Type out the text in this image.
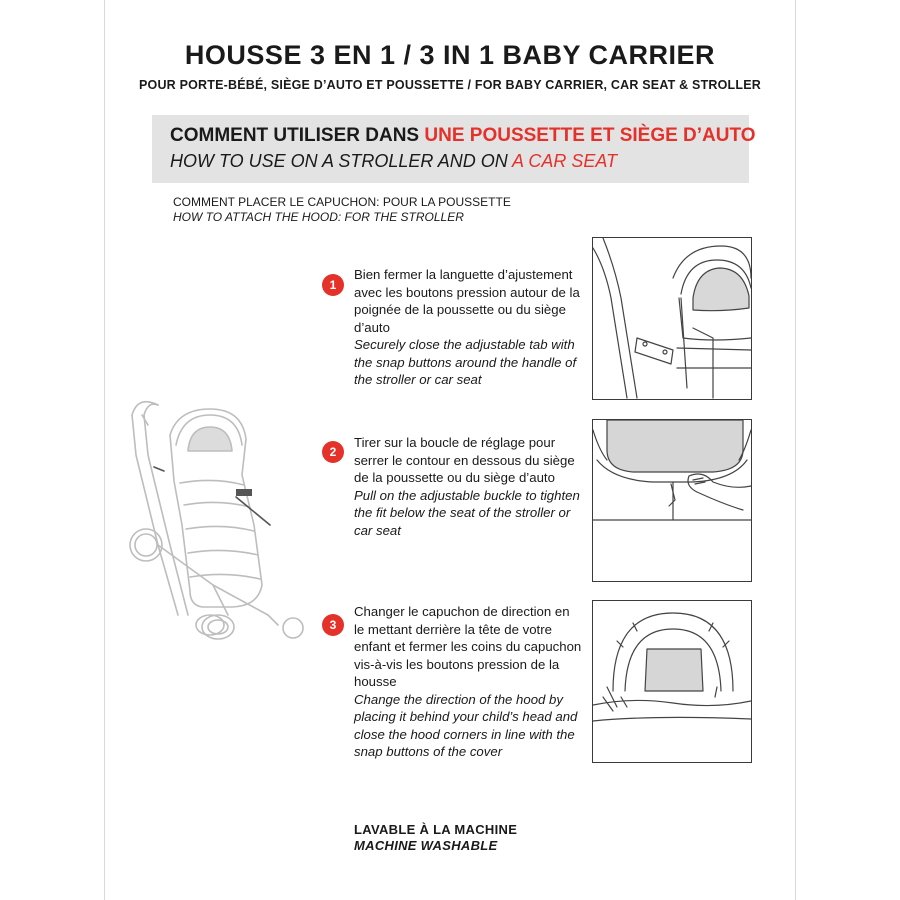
HOUSSE 3 EN 1 / 3 IN 1 BABY CARRIER
POUR PORTE-BÉBÉ, SIÈGE D’AUTO ET POUSSETTE / FOR BABY CARRIER, CAR SEAT & STROLLER
COMMENT UTILISER DANS UNE POUSSETTE ET SIÈGE D’AUTO
HOW TO USE ON A STROLLER AND ON A CAR SEAT
COMMENT PLACER LE CAPUCHON: POUR LA POUSSETTE
HOW TO ATTACH THE HOOD: FOR THE STROLLER
1
Bien fermer la languette d’ajustement avec les boutons pression autour de la poignée de la poussette ou du siège d’auto
Securely close the adjustable tab with the snap buttons around the handle of the stroller or car seat
2
Tirer sur la boucle de réglage pour serrer le contour en dessous du siège de la poussette ou du siège d’auto
Pull on the adjustable buckle to tighten the fit below the seat of the stroller or car seat
3
Changer le capuchon de direction en le mettant derrière la tête de votre enfant et fermer les coins du capuchon vis-à-vis les boutons pression de la housse
Change the direction of the hood by placing it behind your child’s head and close the hood corners in line with the snap buttons of the cover
LAVABLE À LA MACHINE
MACHINE WASHABLE
